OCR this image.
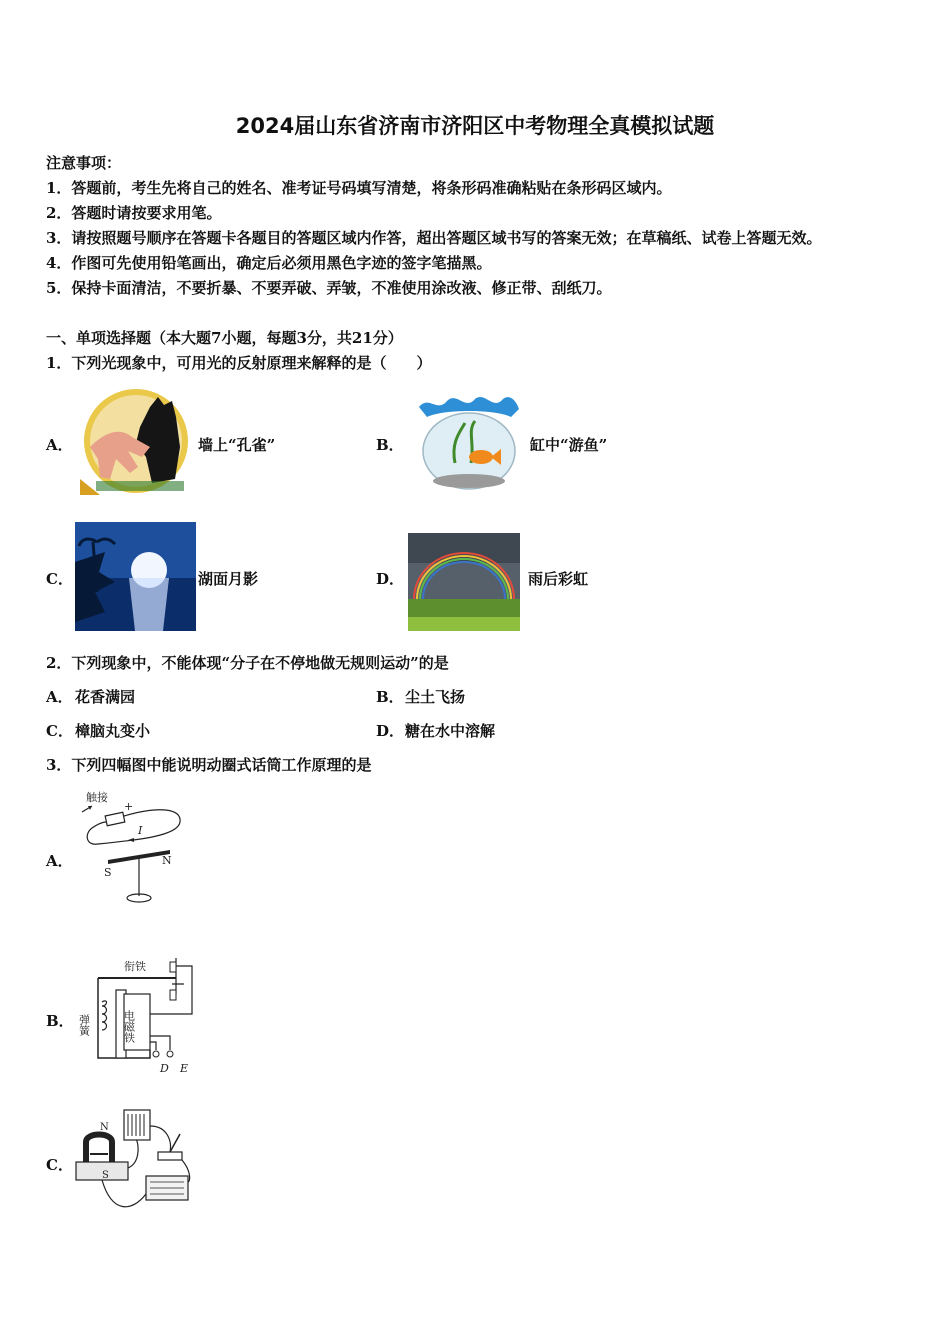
2024届山东省济南市济阳区中考物理全真模拟试题
注意事项：
1．答题前，考生先将自己的姓名、准考证号码填写清楚，将条形码准确粘贴在条形码区域内。
2．答题时请按要求用笔。
3．请按照题号顺序在答题卡各题目的答题区域内作答，超出答题区域书写的答案无效；在草稿纸、试卷上答题无效。
4．作图可先使用铅笔画出，确定后必须用黑色字迹的签字笔描黑。
5．保持卡面清洁，不要折暴、不要弄破、弄皱，不准使用涂改液、修正带、刮纸刀。
一、单项选择题（本大题7小题，每题3分，共21分）
1．下列光现象中，可用光的反射原理来解释的是（　　）
A．	墙上“孔雀”	B．	缸中“游鱼”
C．	湖面月影	D．	雨后彩虹
2．下列现象中，不能体现“分子在不停地做无规则运动”的是
A． 花香满园	B． 尘土飞扬
C． 樟脑丸变小	D． 糖在水中溶解
3．下列四幅图中能说明动圈式话筒工作原理的是
A．
触接
+
I
S
N
B．
衔铁
弹簧	电磁铁
D E
C．
N
S
